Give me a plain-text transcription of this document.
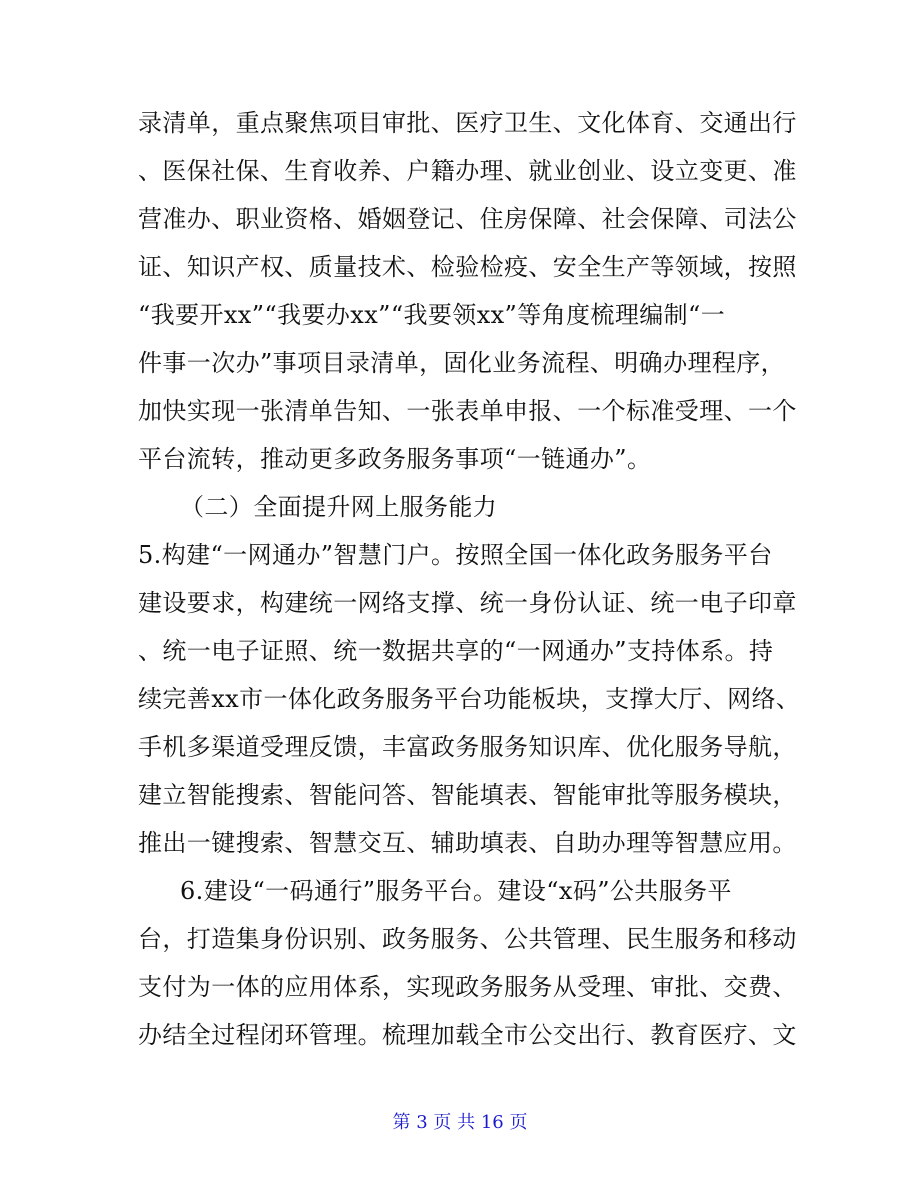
录清单，重点聚焦项目审批、医疗卫生、文化体育、交通出行
、医保社保、生育收养、户籍办理、就业创业、设立变更、准
营准办、职业资格、婚姻登记、住房保障、社会保障、司法公
证、知识产权、质量技术、检验检疫、安全生产等领域，按照
“我要开xx”“我要办xx”“我要领xx”等角度梳理编制“一
件事一次办”事项目录清单，固化业务流程、明确办理程序，
加快实现一张清单告知、一张表单申报、一个标准受理、一个
平台流转，推动更多政务服务事项“一链通办”。
（二）全面提升网上服务能力
5.构建“一网通办”智慧门户。按照全国一体化政务服务平台
建设要求，构建统一网络支撑、统一身份认证、统一电子印章
、统一电子证照、统一数据共享的“一网通办”支持体系。持
续完善xx市一体化政务服务平台功能板块，支撑大厅、网络、
手机多渠道受理反馈，丰富政务服务知识库、优化服务导航，
建立智能搜索、智能问答、智能填表、智能审批等服务模块，
推出一键搜索、智慧交互、辅助填表、自助办理等智慧应用。
6.建设“一码通行”服务平台。建设“x码”公共服务平
台，打造集身份识别、政务服务、公共管理、民生服务和移动
支付为一体的应用体系，实现政务服务从受理、审批、交费、
办结全过程闭环管理。梳理加载全市公交出行、教育医疗、文
第 3 页 共 16 页
